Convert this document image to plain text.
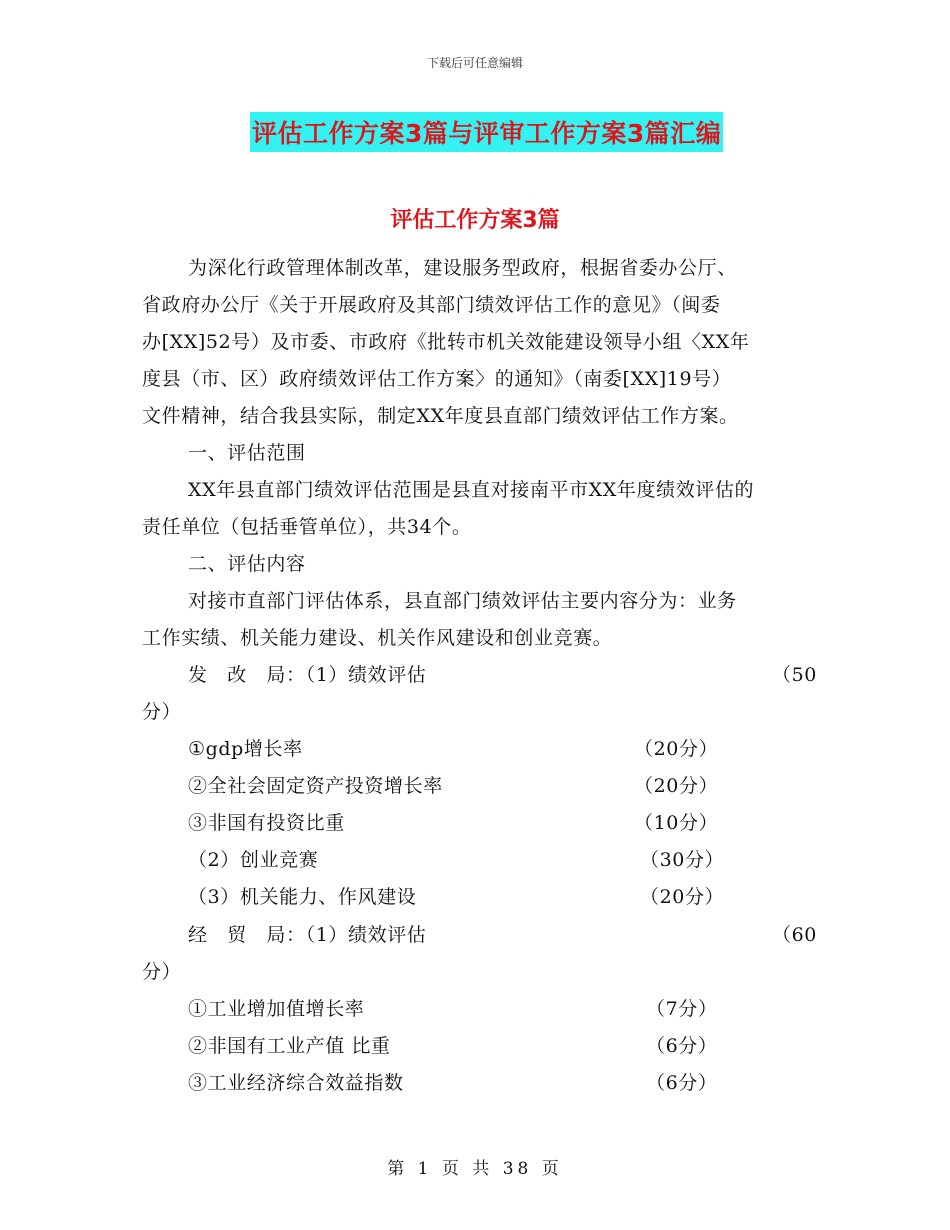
下载后可任意编辑
评估工作方案3篇与评审工作方案3篇汇编
评估工作方案3篇
为深化行政管理体制改革，建设服务型政府，根据省委办公厅、
省政府办公厅《关于开展政府及其部门绩效评估工作的意见》（闽委
办[XX]52号）及市委、市政府《批转市机关效能建设领导小组〈XX年
度县（市、区）政府绩效评估工作方案〉的通知》（南委[XX]19号）
文件精神，结合我县实际，制定XX年度县直部门绩效评估工作方案。
一、评估范围
XX年县直部门绩效评估范围是县直对接南平市XX年度绩效评估的
责任单位（包括垂管单位），共34个。
二、评估内容
对接市直部门评估体系，县直部门绩效评估主要内容分为：业务
工作实绩、机关能力建设、机关作风建设和创业竞赛。
发　改　局：（1）绩效评估	（50
分）
①gdp增长率	（20分）
②全社会固定资产投资增长率	（20分）
③非国有投资比重	（10分）
（2）创业竞赛	（30分）
（3）机关能力、作风建设	（20分）
经　贸　局：（1）绩效评估	（60
分）
①工业增加值增长率	（7分）
②非国有工业产值 比重	（6分）
③工业经济综合效益指数	（6分）
第 1 页 共 38 页
